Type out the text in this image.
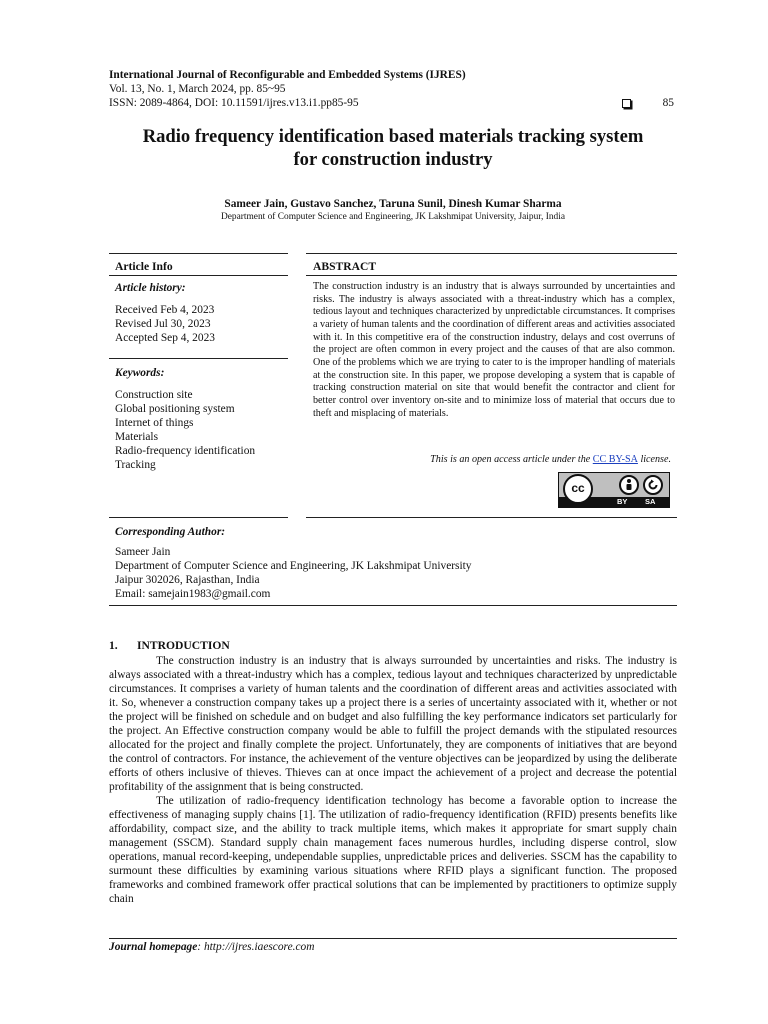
International Journal of Reconfigurable and Embedded Systems (IJRES)
Vol. 13, No. 1, March 2024, pp. 85~95
ISSN: 2089-4864, DOI: 10.11591/ijres.v13.i1.pp85-95	85
Radio frequency identification based materials tracking system
for construction industry
Sameer Jain, Gustavo Sanchez, Taruna Sunil, Dinesh Kumar Sharma
Department of Computer Science and Engineering, JK Lakshmipat University, Jaipur, India
Article Info
Article history:
Received Feb 4, 2023
Revised Jul 30, 2023
Accepted Sep 4, 2023
Keywords:
Construction site
Global positioning system
Internet of things
Materials
Radio-frequency identification
Tracking
ABSTRACT

The construction industry is an industry that is always surrounded by uncertainties and risks. The industry is always associated with a threat-industry which has a complex, tedious layout and techniques characterized by unpredictable circumstances. It comprises a variety of human talents and the coordination of different areas and activities associated with it. In this competitive era of the construction industry, delays and cost overruns of the project are often common in every project and the causes of that are also common. One of the problems which we are trying to cater to is the improper handling of materials at the construction site. In this paper, we propose developing a system that is capable of tracking construction material on site that would benefit the contractor and client for better control over inventory on-site and to minimize loss of material that occurs due to theft and misplacing of materials.

This is an open access article under the CC BY-SA license.
cc
BY SA
Corresponding Author:
Sameer Jain
Department of Computer Science and Engineering, JK Lakshmipat University
Jaipur 302026, Rajasthan, India
Email: samejain1983@gmail.com
1. INTRODUCTION

The construction industry is an industry that is always surrounded by uncertainties and risks. The industry is always associated with a threat-industry which has a complex, tedious layout and techniques characterized by unpredictable circumstances. It comprises a variety of human talents and the coordination of different areas and activities associated with it. So, whenever a construction company takes up a project there is a series of uncertainty associated with it, whether or not the project will be finished on schedule and on budget and also fulfilling the key performance indicators set particularly for the project. An Effective construction company would be able to fulfill the project demands with the stipulated resources allocated for the project and finally complete the project. Unfortunately, they are components of initiatives that are beyond the control of contractors. For instance, the achievement of the venture objectives can be jeopardized by using the deliberate efforts of others inclusive of thieves. Thieves can at once impact the achievement of a project and decrease the potential profitability of the assignment that is being constructed.

The utilization of radio-frequency identification technology has become a favorable option to increase the effectiveness of managing supply chains [1]. The utilization of radio-frequency identification (RFID) presents benefits like affordability, compact size, and the ability to track multiple items, which makes it appropriate for smart supply chain management (SSCM). Standard supply chain management faces numerous hurdles, including disperse control, slow operations, manual record-keeping, undependable supplies, unpredictable prices and deliveries. SSCM has the capability to surmount these difficulties by examining various situations where RFID plays a significant function. The proposed frameworks and combined framework offer practical solutions that can be implemented by practitioners to optimize supply chain

Journal homepage: http://ijres.iaescore.com
